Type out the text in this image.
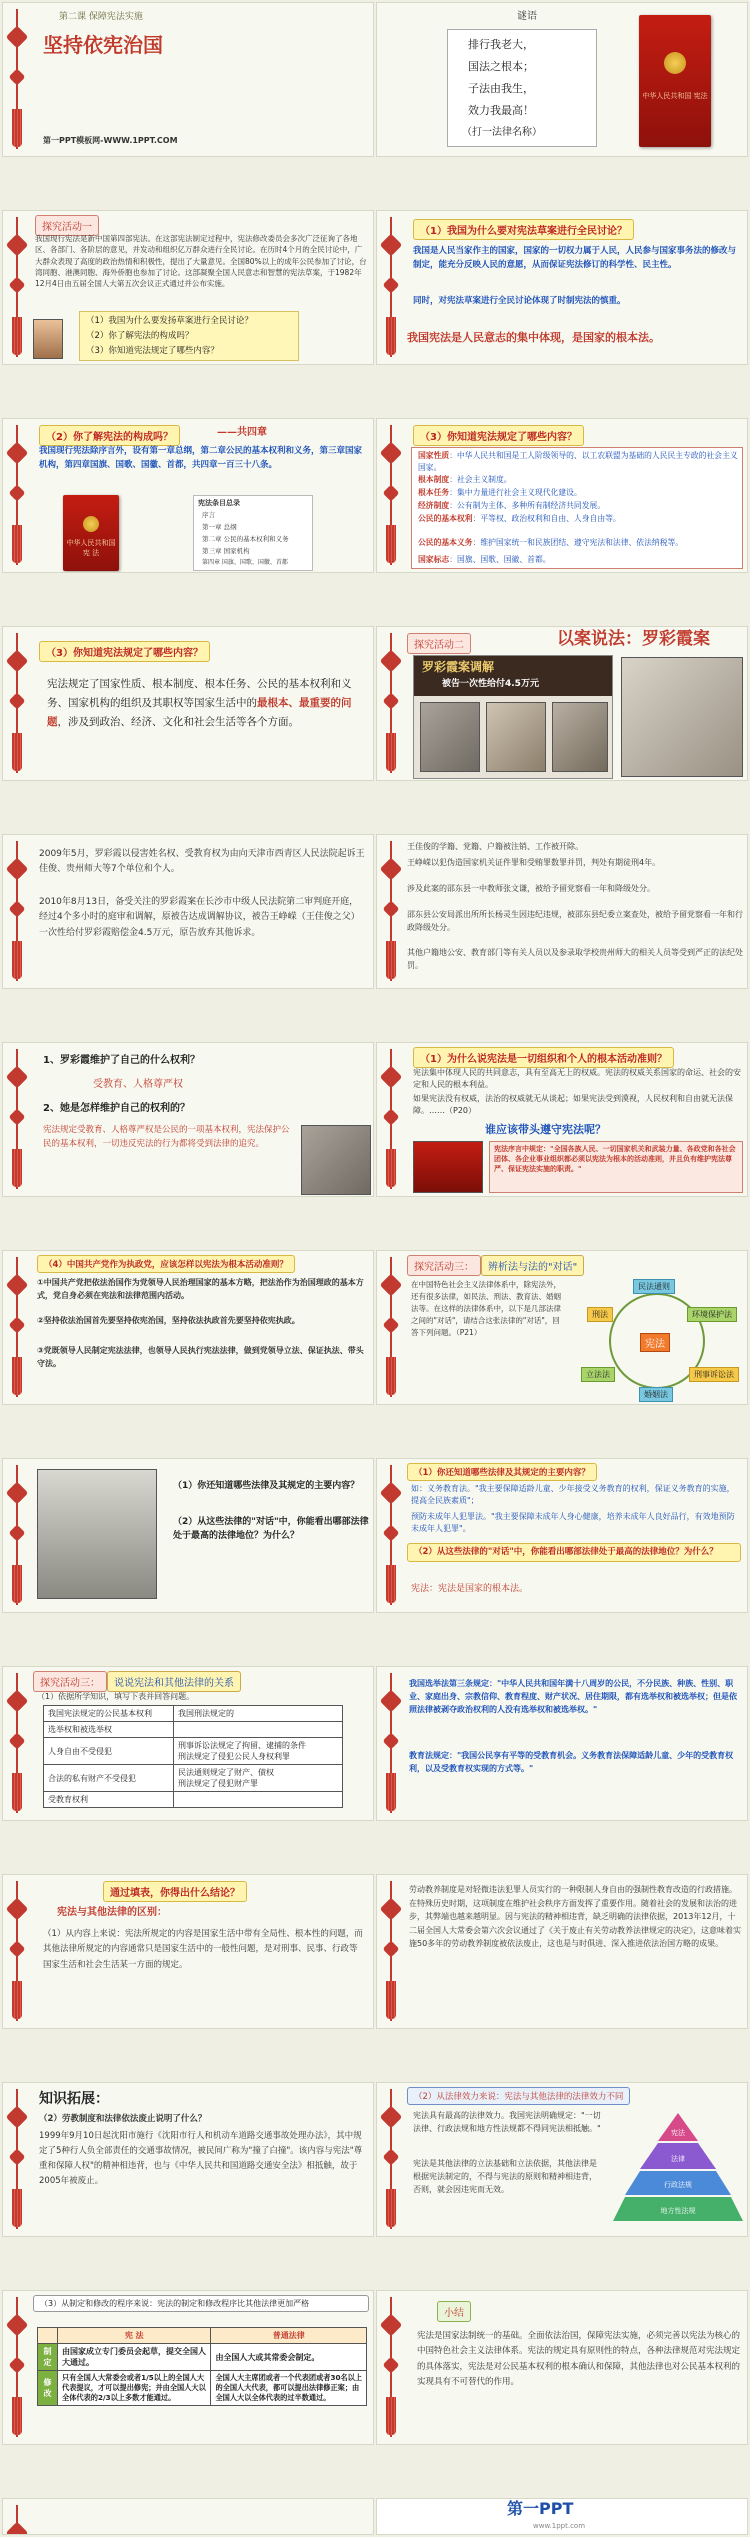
第二课 保障宪法实施
坚持依宪治国
第一PPT模板网-WWW.1PPT.COM
谜语
排行我老大，
国法之根本；
子法由我生，
效力我最高！
（打一法律名称）
中华人民共和国 宪法
探究活动一
我国现行宪法是新中国第四部宪法。在这部宪法制定过程中，宪法修改委员会多次广泛征询了各地区、各部门、各阶层的意见，并发动和组织亿万群众进行全民讨论。在历时4个月的全民讨论中，广大群众表现了高度的政治热情和积极性，提出了大量意见。全国80%以上的成年公民参加了讨论，台湾同胞、港澳同胞、海外侨胞也参加了讨论。这部凝聚全国人民意志和智慧的宪法草案，于1982年12月4日由五届全国人大第五次会议正式通过并公布实施。
（1）我国为什么要发扬草案进行全民讨论？
（2）你了解宪法的构成吗？
（3）你知道宪法规定了哪些内容？
（1）我国为什么要对宪法草案进行全民讨论？
我国是人民当家作主的国家，国家的一切权力属于人民，人民参与国家事务法的修改与制定，能充分反映人民的意愿，从而保证宪法修订的科学性、民主性。
同时，对宪法草案进行全民讨论体现了时制宪法的慎重。
我国宪法是人民意志的集中体现，是国家的根本法。
（2）你了解宪法的构成吗？	——共四章
我国现行宪法除序言外，设有第一章总纲，第二章公民的基本权利和义务，第三章国家机构，第四章国旗、国歌、国徽、首都，共四章一百三十八条。
中华人民共和国 宪 法
宪法条目总录
序言
第一章 总纲
第二章 公民的基本权利和义务
第三章 国家机构
第四章 国旗、国歌、国徽、首都
（3）你知道宪法规定了哪些内容？
国家性质：中华人民共和国是工人阶级领导的、以工农联盟为基础的人民民主专政的社会主义国家。
根本制度：社会主义制度。
根本任务：集中力量进行社会主义现代化建设。
经济制度：公有制为主体、多种所有制经济共同发展。
公民的基本权利：平等权、政治权利和自由、人身自由等。
公民的基本义务：维护国家统一和民族团结、遵守宪法和法律、依法纳税等。
国家标志：国旗、国歌、国徽、首都。
（3）你知道宪法规定了哪些内容？
宪法规定了国家性质、根本制度、根本任务、公民的基本权利和义务、国家机构的组织及其职权等国家生活中的最根本、最重要的问题，涉及到政治、经济、文化和社会生活等各个方面。
探究活动二	以案说法：罗彩霞案
罗彩霞案调解
被告一次性给付4.5万元
2009年5月，罗彩霞以侵害姓名权、受教育权为由向天津市西青区人民法院起诉王佳俊、贵州师大等7个单位和个人。
2010年8月13日，备受关注的罗彩霞案在长沙市中级人民法院第二审判庭开庭，经过4个多小时的庭审和调解，原被告达成调解协议，被告王峥嵘（王佳俊之父）一次性给付罗彩霞赔偿金4.5万元，原告放弃其他诉求。
王佳俊的学籍、党籍、户籍被注销、工作被开除。
王峥嵘以犯伪造国家机关证件罪和受贿罪数罪并罚，判处有期徒刑4年。
涉及此案的邵东县一中教师张文谦，被给予留党察看一年和降级处分。
邵东县公安局派出所所长杨灵生因违纪违规，被邵东县纪委立案查处，被给予留党察看一年和行政降级处分。
其他户籍地公安、教育部门等有关人员以及参录取学校贵州师大的相关人员等受到严正的法纪处罚。
1、罗彩霞维护了自己的什么权利？
受教育、人格尊严权
2、她是怎样维护自己的权利的？
宪法规定受教育、人格尊严权是公民的一项基本权利，宪法保护公民的基本权利，一切违反宪法的行为都将受到法律的追究。
（1）为什么说宪法是一切组织和个人的根本活动准则？
宪法集中体现人民的共同意志，具有至高无上的权威。宪法的权威关系国家的命运、社会的安定和人民的根本利益。
如果宪法没有权威，法治的权威就无从谈起；如果宪法受到漠视，人民权利和自由就无法保障。……（P20）
谁应该带头遵守宪法呢？
宪法序言中规定："全国各族人民、一切国家机关和武装力量、各政党和各社会团体、各企业事业组织都必须以宪法为根本的活动准则，并且负有维护宪法尊严、保证宪法实施的职责。"
（4）中国共产党作为执政党，应该怎样以宪法为根本活动准则？
①中国共产党把依法治国作为党领导人民治理国家的基本方略，把法治作为治国理政的基本方式，党自身必须在宪法和法律范围内活动。
②坚持依法治国首先要坚持依宪治国，坚持依法执政首先要坚持依宪执政。
③党既领导人民制定宪法法律，也领导人民执行宪法法律，做到党领导立法、保证执法、带头守法。
探究活动三：	辨析法与法的"对话"
在中国特色社会主义法律体系中，除宪法外，还有很多法律，如民法、刑法、教育法、婚姻法等。在这样的法律体系中，以下是几部法律之间的"对话"，请结合这张法律的"对话"，回答下列问题。（P21）
宪法
民法通则
环境保护法
刑事诉讼法
婚姻法
立法法
刑法
（1）你还知道哪些法律及其规定的主要内容？
（2）从这些法律的"对话"中，你能看出哪部法律处于最高的法律地位？为什么？
（1）你还知道哪些法律及其规定的主要内容？
如：义务教育法。"我主要保障适龄儿童、少年接受义务教育的权利，保证义务教育的实施，提高全民族素质"；
预防未成年人犯罪法。"我主要保障未成年人身心健康，培养未成年人良好品行，有效地预防未成年人犯罪"。
（2）从这些法律的"对话"中，你能看出哪部法律处于最高的法律地位？为什么？
宪法：宪法是国家的根本法。
探究活动三：	说说宪法和其他法律的关系
（1）依据所学知识，填写下表并回答问题。
我国宪法规定的公民基本权利	我国刑法规定的
选举权和被选举权	
人身自由不受侵犯	刑事诉讼法规定了拘留、逮捕的条件
刑法规定了侵犯公民人身权利罪
合法的私有财产不受侵犯	民法通则规定了财产、债权
刑法规定了侵犯财产罪
受教育权利	
我国选举法第三条规定："中华人民共和国年满十八周岁的公民，不分民族、种族、性别、职业、家庭出身、宗教信仰、教育程度、财产状况、居住期限，都有选举权和被选举权；但是依照法律被剥夺政治权利的人没有选举权和被选举权。"
教育法规定："我国公民享有平等的受教育机会。义务教育法保障适龄儿童、少年的受教育权利，以及受教育权实现的方式等。"
通过填表，你得出什么结论？
宪法与其他法律的区别：
（1）从内容上来说：宪法所规定的内容是国家生活中带有全局性、根本性的问题，而其他法律所规定的内容通常只是国家生活中的一般性问题，是对刑事、民事、行政等国家生活和社会生活某一方面的规定。
劳动教养制度是对轻微违法犯罪人员实行的一种限制人身自由的强制性教育改造的行政措施。在特殊历史时期，这项制度在维护社会秩序方面发挥了重要作用。随着社会的发展和法治的进步，其弊端也越来越明显。因与宪法的精神相违背，缺乏明确的法律依据，2013年12月，十二届全国人大常委会第六次会议通过了《关于废止有关劳动教养法律规定的决定》，这意味着实施50多年的劳动教养制度被依法废止，这也是与时俱进、深入推进依法治国方略的成果。
知识拓展：
（2）劳教制度和法律依法废止说明了什么？
1999年9月10日起沈阳市施行《沈阳市行人和机动车道路交通事故处理办法》，其中规定了5种行人负全部责任的交通事故情况，被民间广称为"撞了白撞"。该内容与宪法"尊重和保障人权"的精神相违背，也与《中华人民共和国道路交通安全法》相抵触，故于2005年被废止。
（2）从法律效力来说：宪法与其他法律的法律效力不同
宪法具有最高的法律效力。我国宪法明确规定："一切法律、行政法规和地方性法规都不得同宪法相抵触。"
宪法是其他法律的立法基础和立法依据，其他法律是根据宪法制定的，不得与宪法的原则和精神相违背，否则，就会因违宪而无效。
宪法
法律
行政法规
地方性法规
（3）从制定和修改的程序来说：宪法的制定和修改程序比其他法律更加严格
	宪 法	普通法律
制定	由国家成立专门委员会起草，提交全国人大通过。	由全国人大或其常委会制定。
修改	只有全国人大常委会或者1/5以上的全国人大代表提议，才可以提出修宪；并由全国人大以全体代表的2/3以上多数才能通过。	全国人大主席团或者一个代表团或者30名以上的全国人大代表，都可以提出法律修正案；由全国人大以全体代表的过半数通过。
小结
宪法是国家法制统一的基础。全面依法治国，保障宪法实施，必须完善以宪法为核心的中国特色社会主义法律体系。宪法的规定具有原则性的特点，各种法律规范对宪法规定的具体落实，宪法是对公民基本权利的根本确认和保障，其他法律也对公民基本权利的实现具有不可替代的作用。
第一PPT
www.1ppt.com
